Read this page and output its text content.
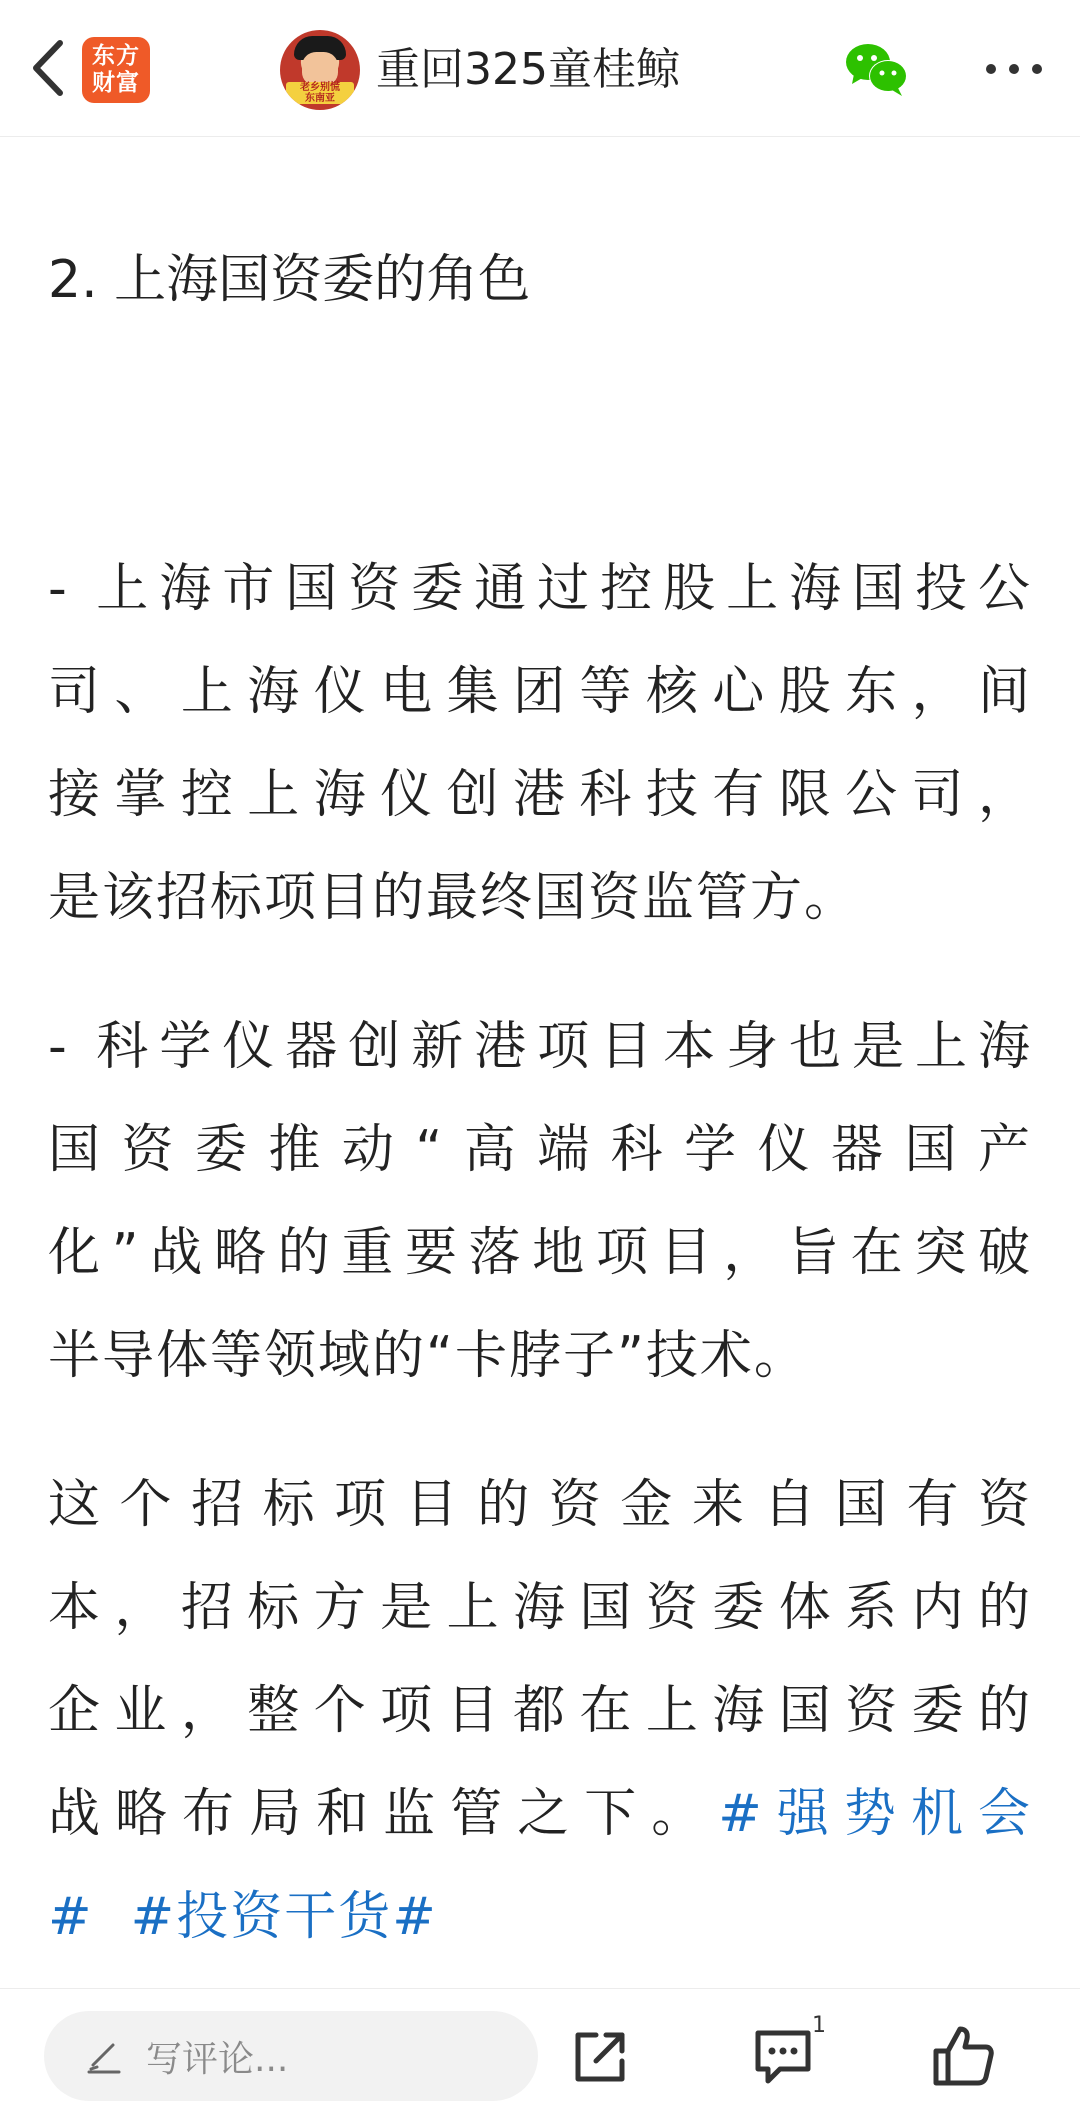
东方
财富	老乡别慌
东南亚
重回325童桂鲸
2. 上海国资委的角色
- 上海市国资委通过控股上海国投公
司、上海仪电集团等核心股东，间
接掌控上海仪创港科技有限公司，
是该招标项目的最终国资监管方。
- 科学仪器创新港项目本身也是上海
国资委推动“高端科学仪器国产
化”战略的重要落地项目，旨在突破
半导体等领域的“卡脖子”技术。
这个招标项目的资金来自国有资
本，招标方是上海国资委体系内的
企业，整个项目都在上海国资委的
战略布局和监管之下。#强势机会
# #投资干货#
写评论...
1
